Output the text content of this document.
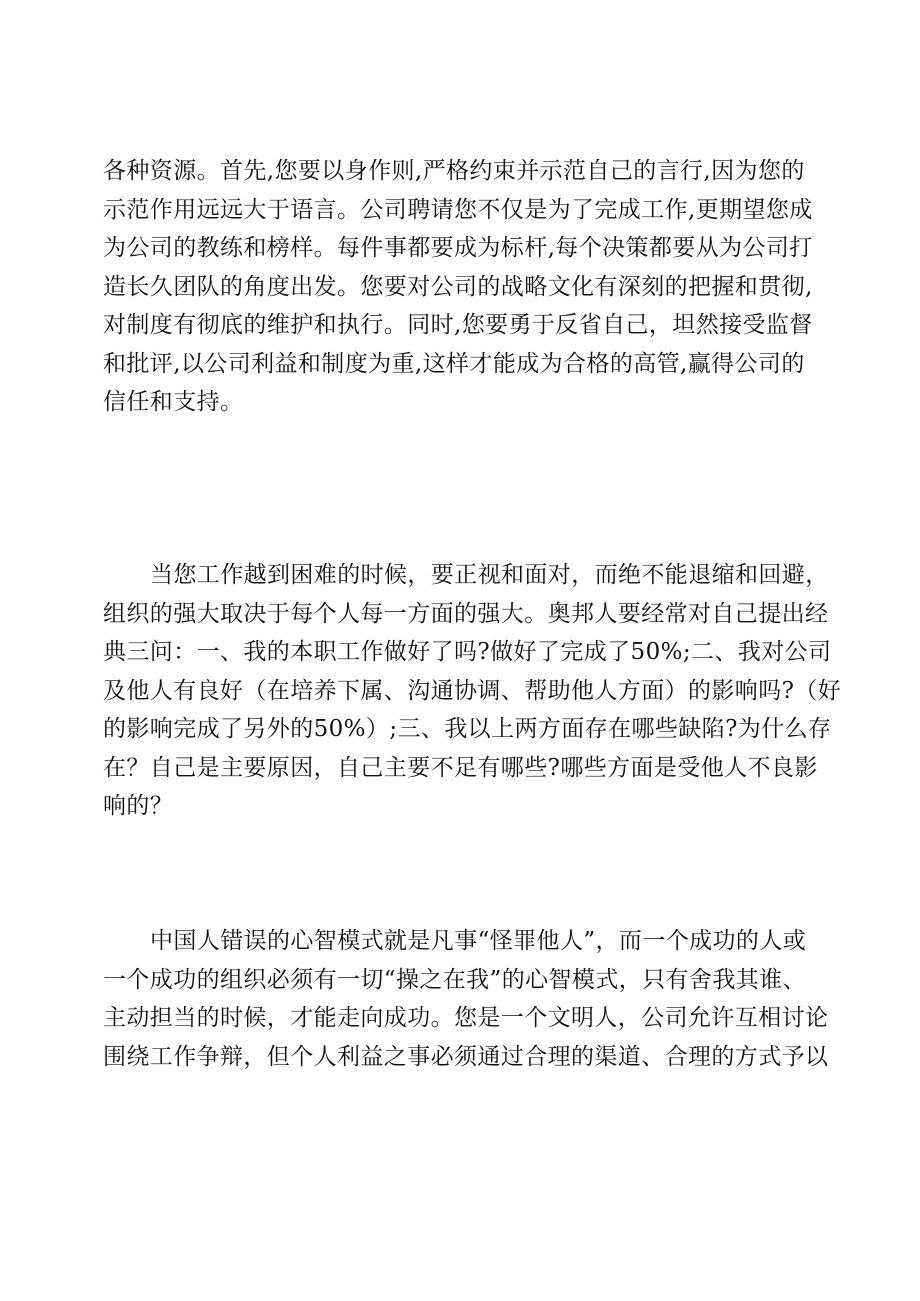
各种资源。首先,您要以身作则,严格约束并示范自己的言行,因为您的
示范作用远远大于语言。公司聘请您不仅是为了完成工作,更期望您成
为公司的教练和榜样。每件事都要成为标杆,每个决策都要从为公司打
造长久团队的角度出发。您要对公司的战略文化有深刻的把握和贯彻,
对制度有彻底的维护和执行。同时,您要勇于反省自己，坦然接受监督
和批评,以公司利益和制度为重,这样才能成为合格的高管,赢得公司的
信任和支持。
当您工作越到困难的时候，要正视和面对，而绝不能退缩和回避，
组织的强大取决于每个人每一方面的强大。奥邦人要经常对自己提出经
典三问：一、我的本职工作做好了吗?做好了完成了50%;二、我对公司
及他人有良好（在培养下属、沟通协调、帮助他人方面）的影响吗?（好
的影响完成了另外的50%）;三、我以上两方面存在哪些缺陷?为什么存
在？自己是主要原因，自己主要不足有哪些?哪些方面是受他人不良影
响的？
中国人错误的心智模式就是凡事“怪罪他人”，而一个成功的人或
一个成功的组织必须有一切“操之在我”的心智模式，只有舍我其谁、
主动担当的时候，才能走向成功。您是一个文明人，公司允许互相讨论
围绕工作争辩，但个人利益之事必须通过合理的渠道、合理的方式予以
